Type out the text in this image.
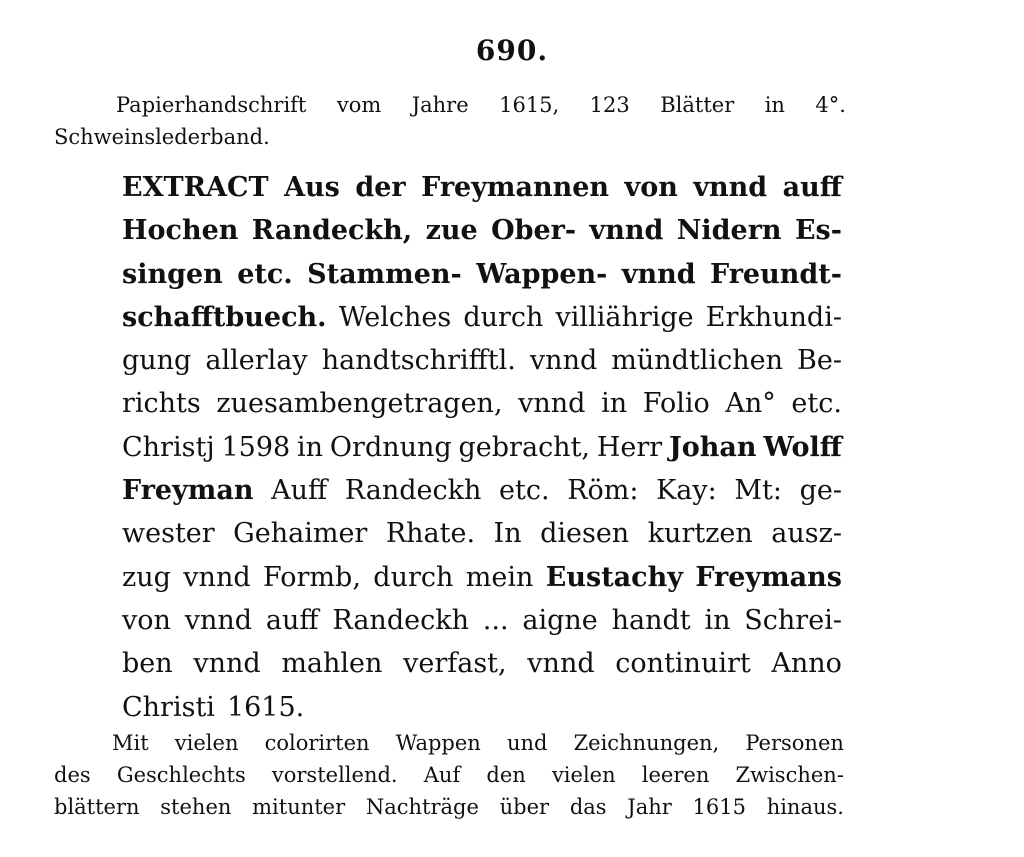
690.
Papierhandschrift vom Jahre 1615, 123 Blätter in 4°.
Schweinslederband.
EXTRACT Aus der Freymannen von vnnd auff
Hochen Randeckh, zue Ober- vnnd Nidern Es-
singen etc. Stammen- Wappen- vnnd Freundt-
schafftbuech. Welches durch villiährige Erkhundi-
gung allerlay handtschrifftl. vnnd mündtlichen Be-
richts zuesambengetragen, vnnd in Folio An° etc.
Christj 1598 in Ordnung gebracht, Herr Johan Wolff
Freyman Auff Randeckh etc. Röm: Kay: Mt: ge-
wester Gehaimer Rhate. In diesen kurtzen ausz-
zug vnnd Formb, durch mein Eustachy Freymans
von vnnd auff Randeckh ... aigne handt in Schrei-
ben vnnd mahlen verfast, vnnd continuirt Anno
Christi 1615.
Mit vielen colorirten Wappen und Zeichnungen, Personen
des Geschlechts vorstellend. Auf den vielen leeren Zwischen-
blättern stehen mitunter Nachträge über das Jahr 1615 hinaus.
